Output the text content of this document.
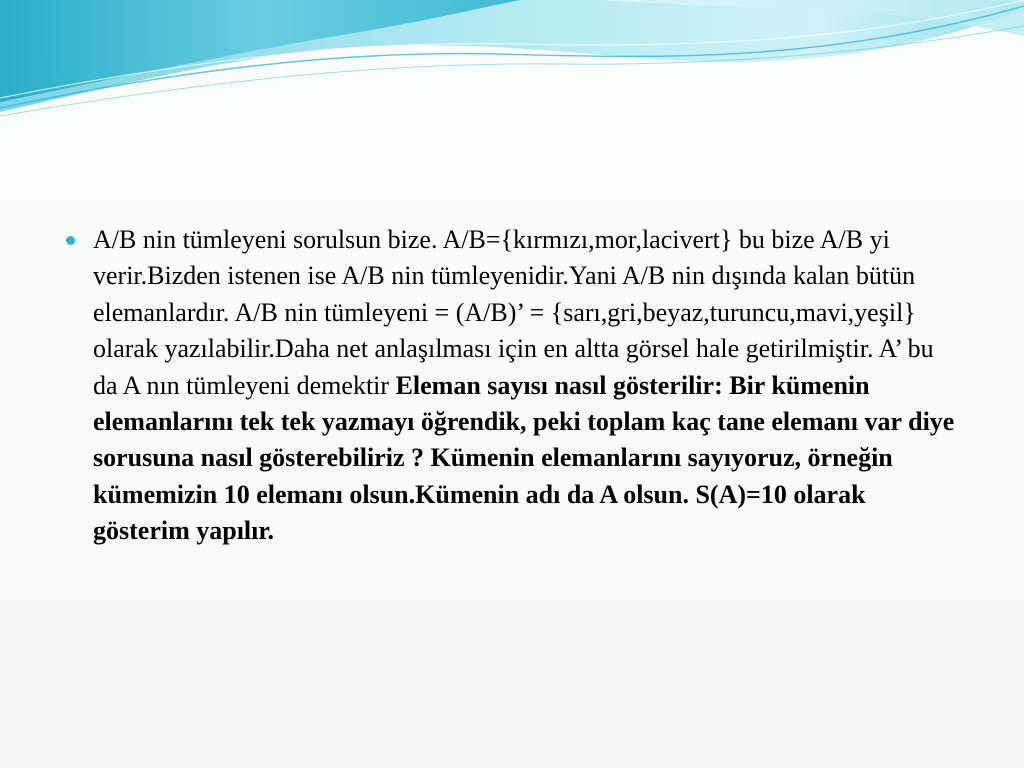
A/B nin tümleyeni sorulsun bize. A/B={kırmızı,mor,lacivert} bu bize A/B yi verir.Bizden istenen ise A/B nin tümleyenidir.Yani A/B nin dışında kalan bütün elemanlardır. A/B nin tümleyeni = (A/B)’ = {sarı,gri,beyaz,turuncu,mavi,yeşil} olarak yazılabilir.Daha net anlaşılması için en altta görsel hale getirilmiştir. A’ bu da A nın tümleyeni demektir Eleman sayısı nasıl gösterilir: Bir kümenin elemanlarını tek tek yazmayı öğrendik, peki toplam kaç tane elemanı var diye sorusuna nasıl gösterebiliriz ? Kümenin elemanlarını sayıyoruz, örneğin kümemizin 10 elemanı olsun.Kümenin adı da A olsun. S(A)=10 olarak gösterim yapılır.
